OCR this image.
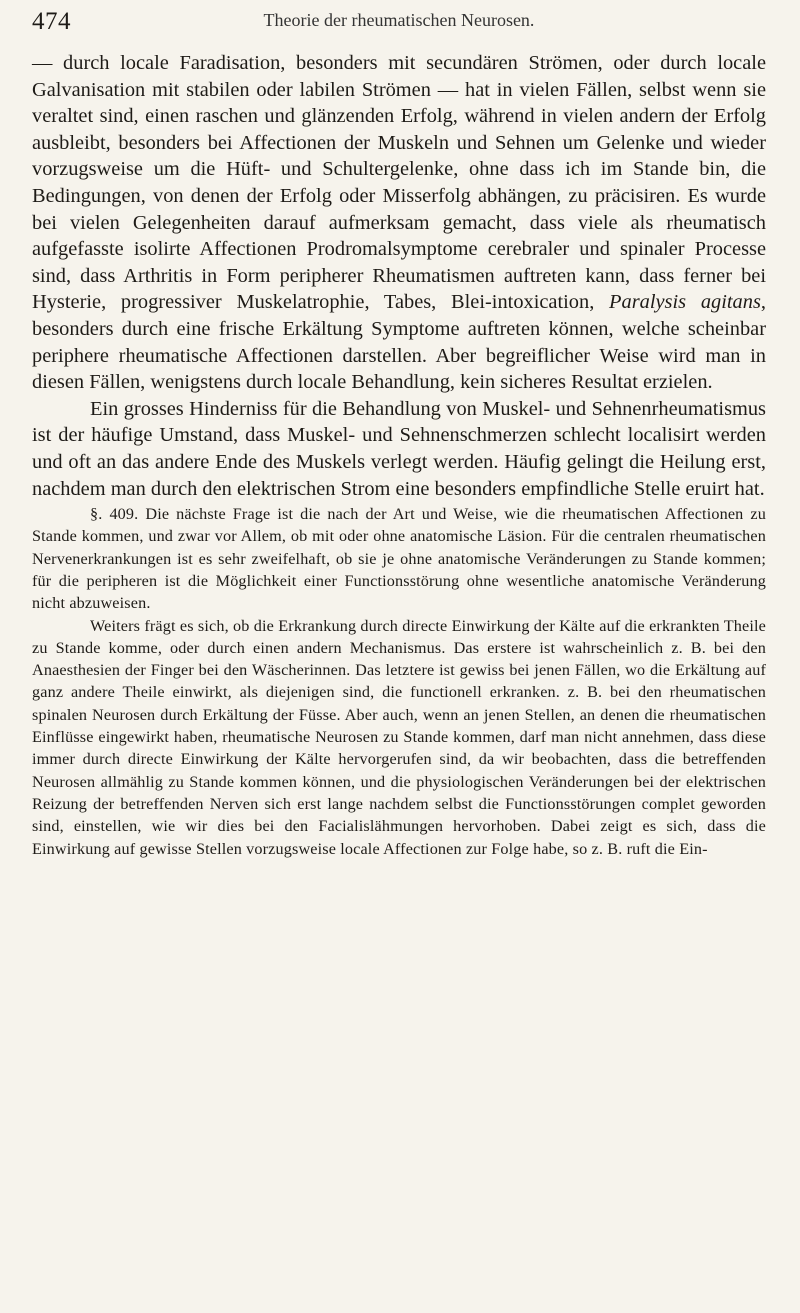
474	Theorie der rheumatischen Neurosen.

— durch locale Faradisation, besonders mit secundären Strömen, oder durch locale Galvanisation mit stabilen oder labilen Strömen — hat in vielen Fällen, selbst wenn sie veraltet sind, einen raschen und glänzenden Erfolg, während in vielen andern der Erfolg ausbleibt, besonders bei Affectionen der Muskeln und Sehnen um Gelenke und wieder vorzugsweise um die Hüft- und Schultergelenke, ohne dass ich im Stande bin, die Bedingungen, von denen der Erfolg oder Misserfolg abhängen, zu präcisiren. Es wurde bei vielen Gelegenheiten darauf aufmerksam gemacht, dass viele als rheumatisch aufgefasste isolirte Affectionen Prodromalsymptome cerebraler und spinaler Processe sind, dass Arthritis in Form peripherer Rheumatismen auftreten kann, dass ferner bei Hysterie, progressiver Muskelatrophie, Tabes, Blei-intoxication, Paralysis agitans, besonders durch eine frische Erkältung Symptome auftreten können, welche scheinbar periphere rheumatische Affectionen darstellen. Aber begreiflicher Weise wird man in diesen Fällen, wenigstens durch locale Behandlung, kein sicheres Resultat erzielen.

Ein grosses Hinderniss für die Behandlung von Muskel- und Sehnenrheumatismus ist der häufige Umstand, dass Muskel- und Sehnenschmerzen schlecht localisirt werden und oft an das andere Ende des Muskels verlegt werden. Häufig gelingt die Heilung erst, nachdem man durch den elektrischen Strom eine besonders empfindliche Stelle eruirt hat.

§. 409. Die nächste Frage ist die nach der Art und Weise, wie die rheumatischen Affectionen zu Stande kommen, und zwar vor Allem, ob mit oder ohne anatomische Läsion. Für die centralen rheumatischen Nervenerkrankungen ist es sehr zweifelhaft, ob sie je ohne anatomische Veränderungen zu Stande kommen; für die peripheren ist die Möglichkeit einer Functionsstörung ohne wesentliche anatomische Veränderung nicht abzuweisen.

Weiters frägt es sich, ob die Erkrankung durch directe Einwirkung der Kälte auf die erkrankten Theile zu Stande komme, oder durch einen andern Mechanismus. Das erstere ist wahrscheinlich z. B. bei den Anaesthesien der Finger bei den Wäscherinnen. Das letztere ist gewiss bei jenen Fällen, wo die Erkältung auf ganz andere Theile einwirkt, als diejenigen sind, die functionell erkranken. z. B. bei den rheumatischen spinalen Neurosen durch Erkältung der Füsse. Aber auch, wenn an jenen Stellen, an denen die rheumatischen Einflüsse eingewirkt haben, rheumatische Neurosen zu Stande kommen, darf man nicht annehmen, dass diese immer durch directe Einwirkung der Kälte hervorgerufen sind, da wir beobachten, dass die betreffenden Neurosen allmählig zu Stande kommen können, und die physiologischen Veränderungen bei der elektrischen Reizung der betreffenden Nerven sich erst lange nachdem selbst die Functionsstörungen complet geworden sind, einstellen, wie wir dies bei den Facialislähmungen hervorhoben. Dabei zeigt es sich, dass die Einwirkung auf gewisse Stellen vorzugsweise locale Affectionen zur Folge habe, so z. B. ruft die Ein-
